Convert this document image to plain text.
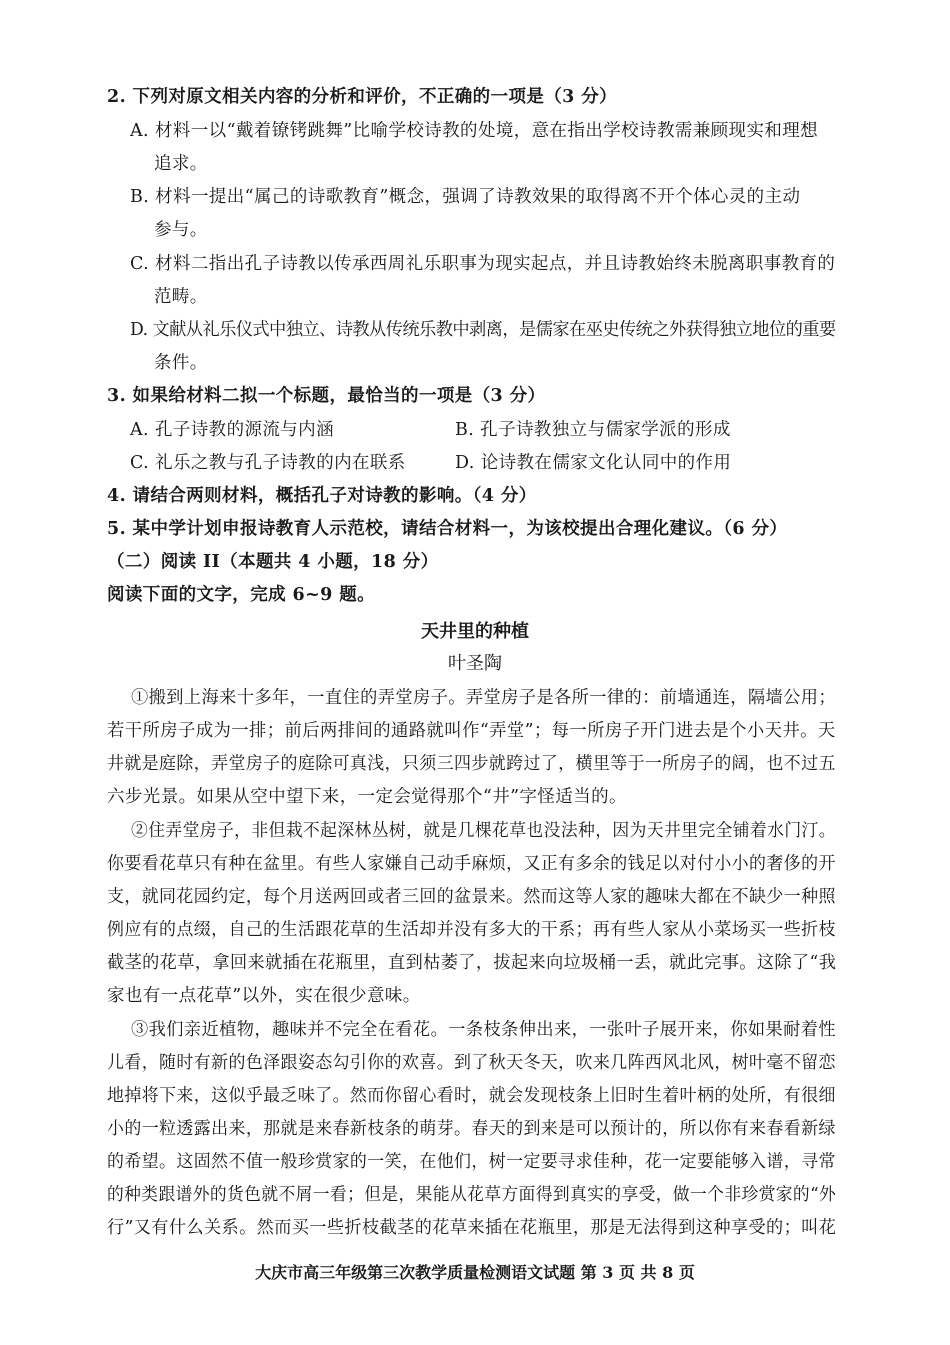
2. 下列对原文相关内容的分析和评价，不正确的一项是（3 分）
A. 材料一以“戴着镣铐跳舞”比喻学校诗教的处境，意在指出学校诗教需兼顾现实和理想
追求。
B. 材料一提出“属己的诗歌教育”概念，强调了诗教效果的取得离不开个体心灵的主动
参与。
C. 材料二指出孔子诗教以传承西周礼乐职事为现实起点，并且诗教始终未脱离职事教育的
范畴。
D. 文献从礼乐仪式中独立、诗教从传统乐教中剥离，是儒家在巫史传统之外获得独立地位的重要
条件。
3. 如果给材料二拟一个标题，最恰当的一项是（3 分）
A. 孔子诗教的源流与内涵	B. 孔子诗教独立与儒家学派的形成
C. 礼乐之教与孔子诗教的内在联系	D. 论诗教在儒家文化认同中的作用
4. 请结合两则材料，概括孔子对诗教的影响。（4 分）
5. 某中学计划申报诗教育人示范校，请结合材料一，为该校提出合理化建议。（6 分）
（二）阅读 II（本题共 4 小题，18 分）
阅读下面的文字，完成 6~9 题。
天井里的种植
叶圣陶
①搬到上海来十多年，一直住的弄堂房子。弄堂房子是各所一律的：前墙通连，隔墙公用；
若干所房子成为一排；前后两排间的通路就叫作“弄堂”；每一所房子开门进去是个小天井。天
井就是庭除，弄堂房子的庭除可真浅，只须三四步就跨过了，横里等于一所房子的阔，也不过五
六步光景。如果从空中望下来，一定会觉得那个“井”字怪适当的。
②住弄堂房子，非但栽不起深林丛树，就是几棵花草也没法种，因为天井里完全铺着水门汀。
你要看花草只有种在盆里。有些人家嫌自己动手麻烦，又正有多余的钱足以对付小小的奢侈的开
支，就同花园约定，每个月送两回或者三回的盆景来。然而这等人家的趣味大都在不缺少一种照
例应有的点缀，自己的生活跟花草的生活却并没有多大的干系；再有些人家从小菜场买一些折枝
截茎的花草，拿回来就插在花瓶里，直到枯萎了，拔起来向垃圾桶一丢，就此完事。这除了“我
家也有一点花草”以外，实在很少意味。
③我们亲近植物，趣味并不完全在看花。一条枝条伸出来，一张叶子展开来，你如果耐着性
儿看，随时有新的色泽跟姿态勾引你的欢喜。到了秋天冬天，吹来几阵西风北风，树叶毫不留恋
地掉将下来，这似乎最乏味了。然而你留心看时，就会发现枝条上旧时生着叶柄的处所，有很细
小的一粒透露出来，那就是来春新枝条的萌芽。春天的到来是可以预计的，所以你有来春看新绿
的希望。这固然不值一般珍赏家的一笑，在他们，树一定要寻求佳种，花一定要能够入谱，寻常
的种类跟谱外的货色就不屑一看；但是，果能从花草方面得到真实的享受，做一个非珍赏家的“外
行”又有什么关系。然而买一些折枝截茎的花草来插在花瓶里，那是无法得到这种享受的；叫花
大庆市高三年级第三次教学质量检测语文试题 第 3 页 共 8 页
